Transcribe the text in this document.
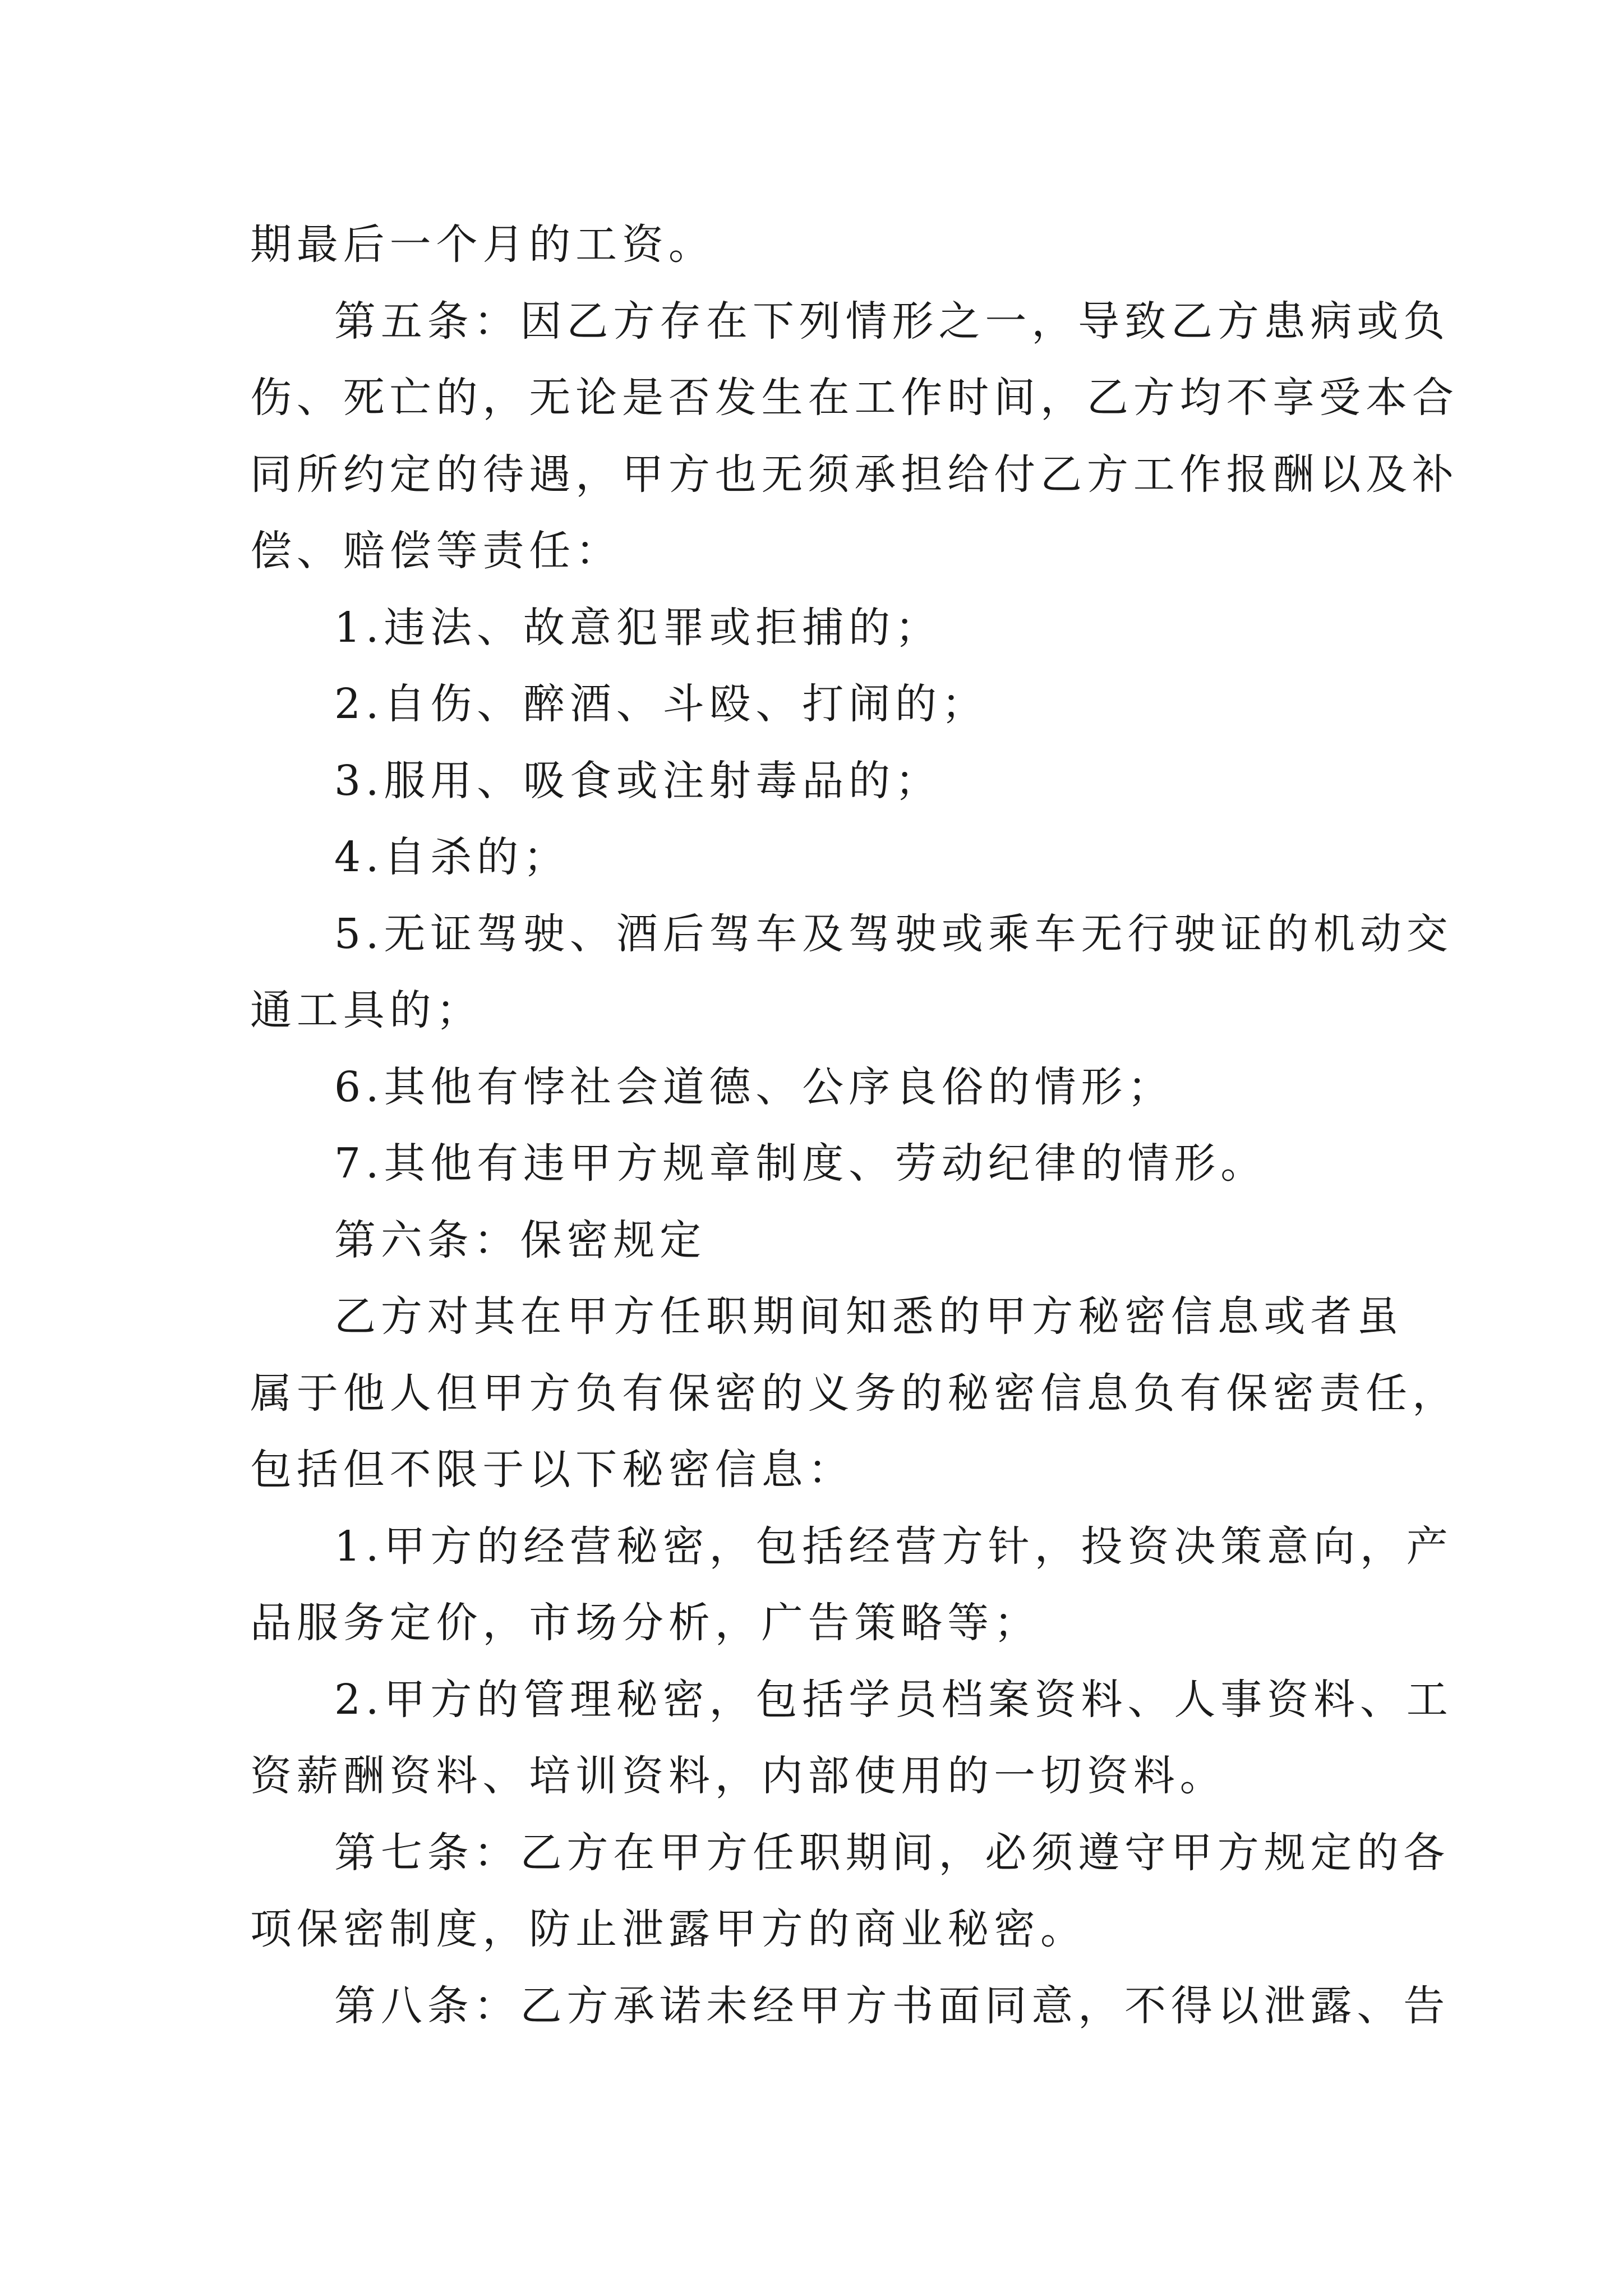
期最后一个月的工资。
第五条：因乙方存在下列情形之一，导致乙方患病或负
伤、死亡的，无论是否发生在工作时间，乙方均不享受本合
同所约定的待遇，甲方也无须承担给付乙方工作报酬以及补
偿、赔偿等责任：
1.违法、故意犯罪或拒捕的；
2.自伤、醉酒、斗殴、打闹的；
3.服用、吸食或注射毒品的；
4.自杀的；
5.无证驾驶、酒后驾车及驾驶或乘车无行驶证的机动交
通工具的；
6.其他有悖社会道德、公序良俗的情形；
7.其他有违甲方规章制度、劳动纪律的情形。
第六条：保密规定
乙方对其在甲方任职期间知悉的甲方秘密信息或者虽
属于他人但甲方负有保密的义务的秘密信息负有保密责任，
包括但不限于以下秘密信息：
1.甲方的经营秘密，包括经营方针，投资决策意向，产
品服务定价，市场分析，广告策略等；
2.甲方的管理秘密，包括学员档案资料、人事资料、工
资薪酬资料、培训资料，内部使用的一切资料。
第七条：乙方在甲方任职期间，必须遵守甲方规定的各
项保密制度，防止泄露甲方的商业秘密。
第八条：乙方承诺未经甲方书面同意，不得以泄露、告
